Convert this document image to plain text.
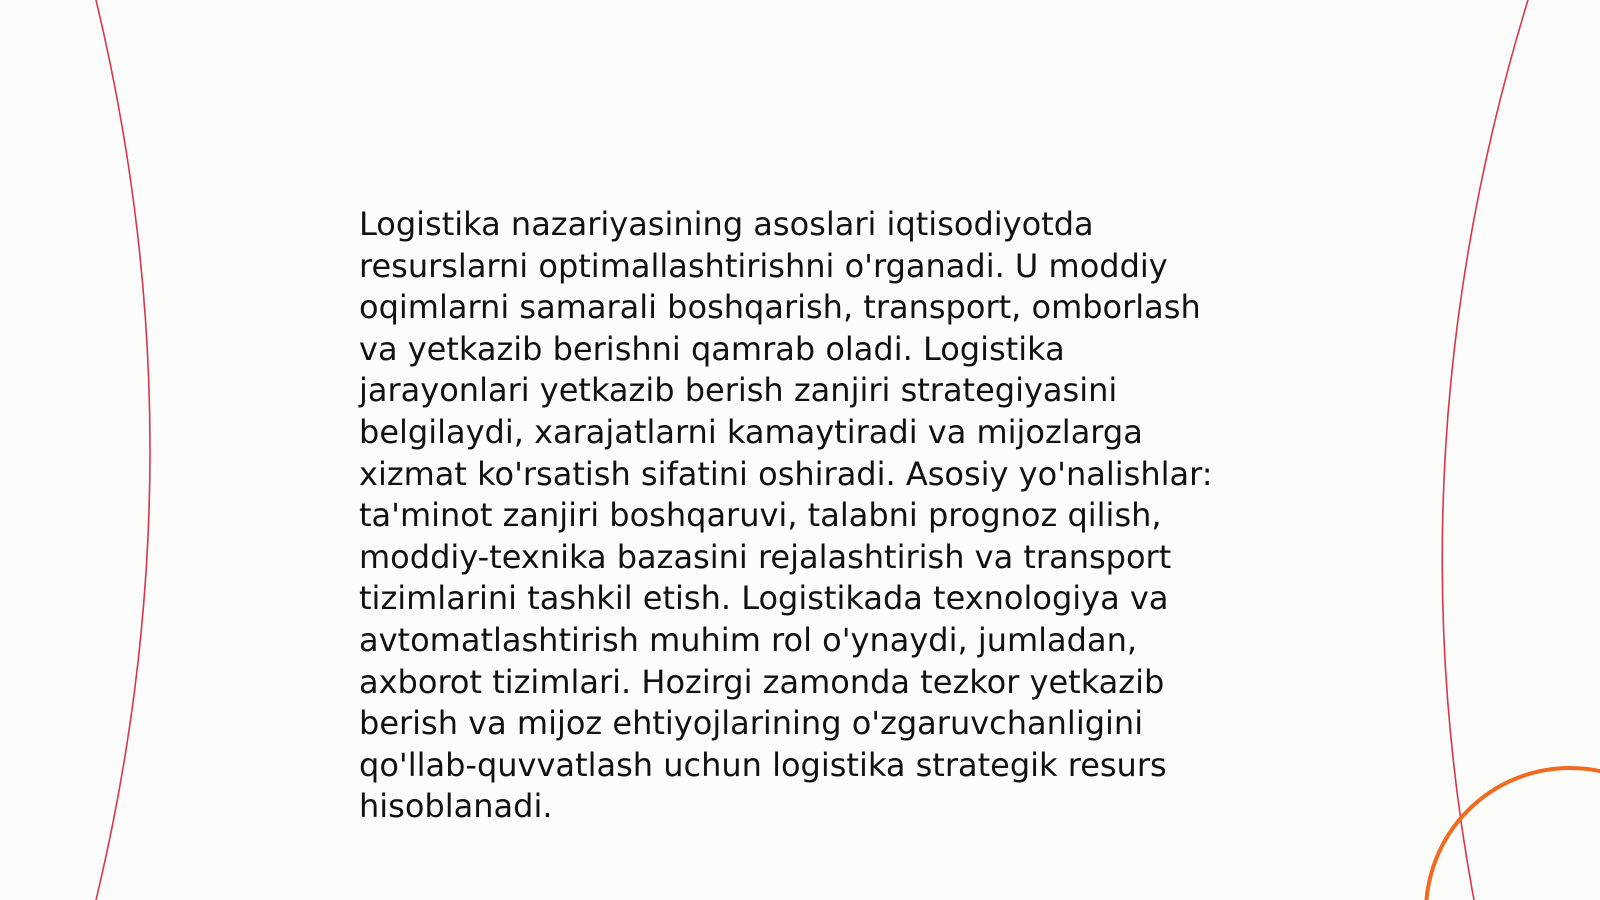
Logistika nazariyasining asoslari iqtisodiyotda resurslarni optimallashtirishni o'rganadi. U moddiy oqimlarni samarali boshqarish, transport, omborlash va yetkazib berishni qamrab oladi. Logistika jarayonlari yetkazib berish zanjiri strategiyasini belgilaydi, xarajatlarni kamaytiradi va mijozlarga xizmat ko'rsatish sifatini oshiradi. Asosiy yo'nalishlar: ta'minot zanjiri boshqaruvi, talabni prognoz qilish, moddiy-texnika bazasini rejalashtirish va transport tizimlarini tashkil etish. Logistikada texnologiya va avtomatlashtirish muhim rol o'ynaydi, jumladan, axborot tizimlari. Hozirgi zamonda tezkor yetkazib berish va mijoz ehtiyojlarining o'zgaruvchanligini qo'llab-quvvatlash uchun logistika strategik resurs hisoblanadi.
